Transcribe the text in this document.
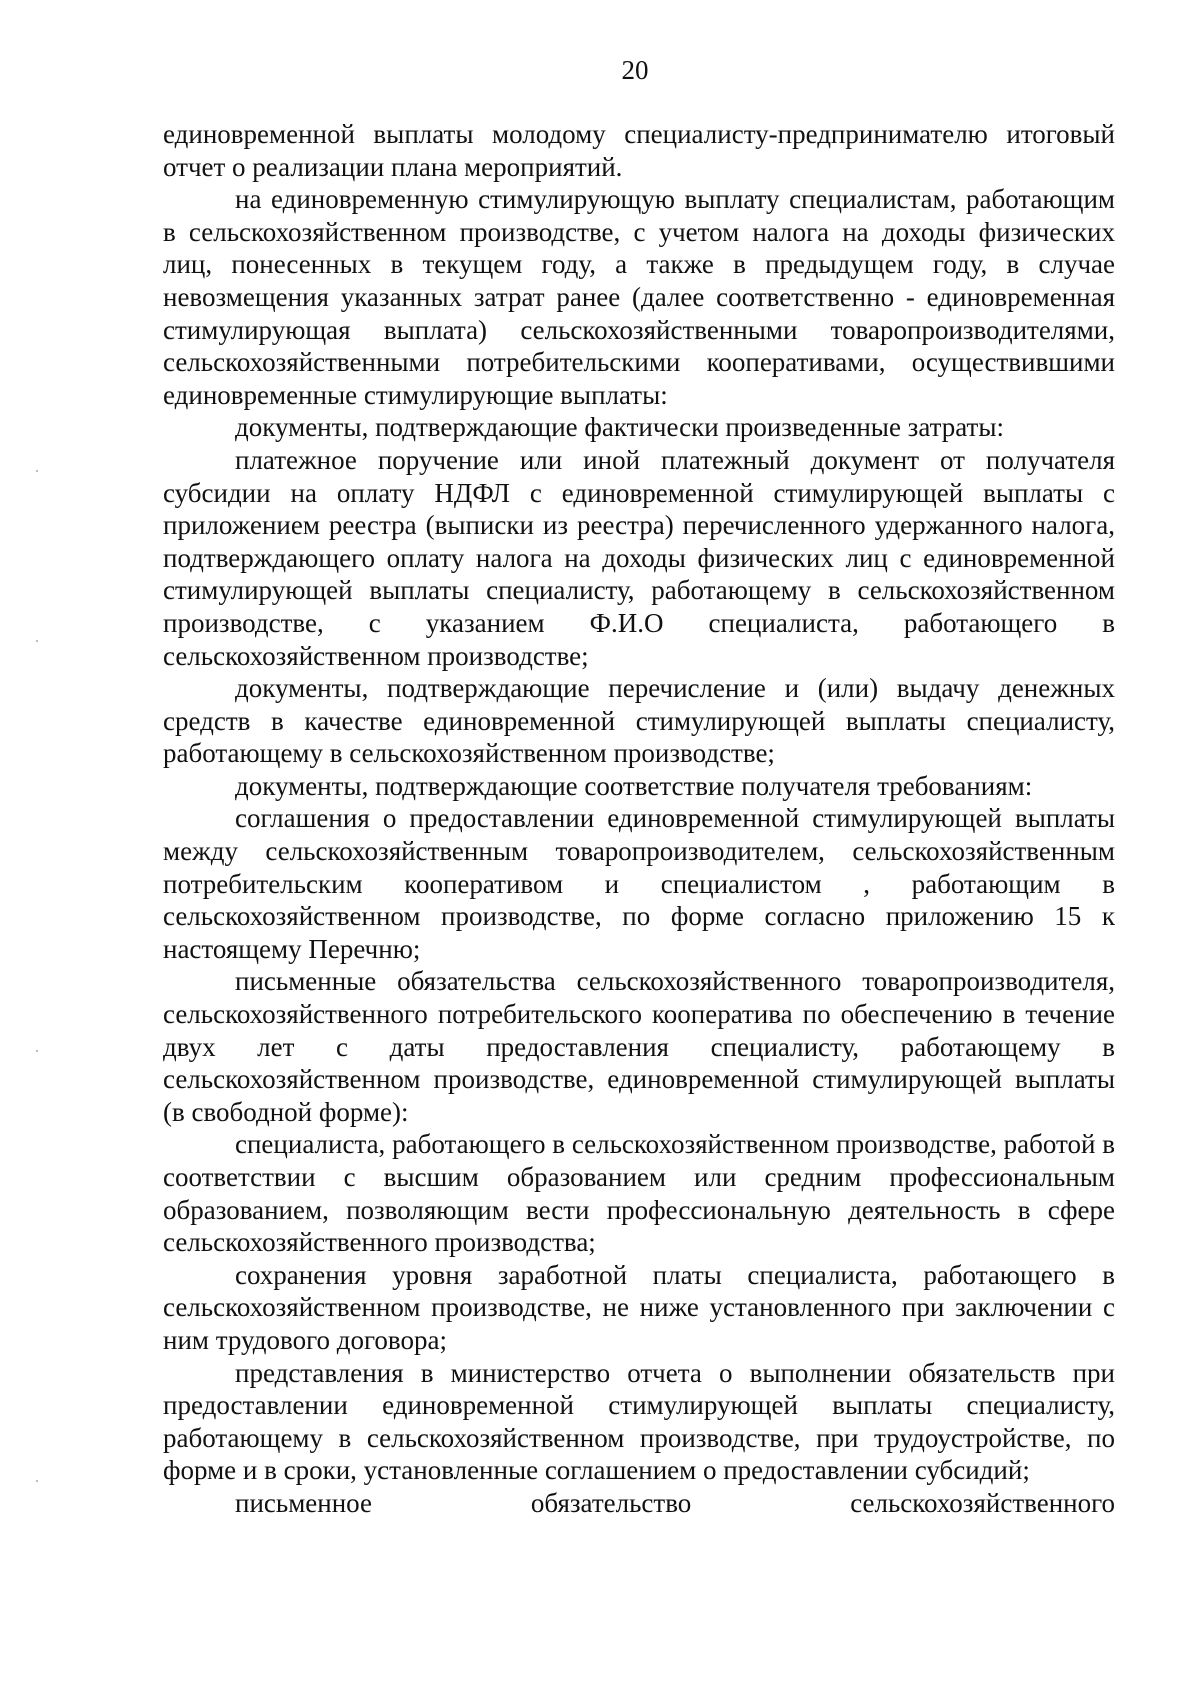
20

единовременной выплаты молодому специалисту-предпринимателю итоговый отчет о реализации плана мероприятий.

на единовременную стимулирующую выплату специалистам, работающим в сельскохозяйственном производстве, с учетом налога на доходы физических лиц, понесенных в текущем году, а также в предыдущем году, в случае невозмещения указанных затрат ранее (далее соответственно - единовременная стимулирующая выплата) сельскохозяйственными товаропроизводителями, сельскохозяйственными потребительскими кооперативами, осуществившими единовременные стимулирующие выплаты:

документы, подтверждающие фактически произведенные затраты:

платежное поручение или иной платежный документ от получателя субсидии на оплату НДФЛ с единовременной стимулирующей выплаты с приложением реестра (выписки из реестра) перечисленного удержанного налога, подтверждающего оплату налога на доходы физических лиц с единовременной стимулирующей выплаты специалисту, работающему в сельскохозяйственном производстве, с указанием Ф.И.О специалиста, работающего в сельскохозяйственном производстве;

документы, подтверждающие перечисление и (или) выдачу денежных средств в качестве единовременной стимулирующей выплаты специалисту, работающему в сельскохозяйственном производстве;

документы, подтверждающие соответствие получателя требованиям:

соглашения о предоставлении единовременной стимулирующей выплаты между сельскохозяйственным товаропроизводителем, сельскохозяйственным потребительским кооперативом и специалистом , работающим в сельскохозяйственном производстве, по форме согласно приложению 15 к настоящему Перечню;

письменные обязательства сельскохозяйственного товаропроизводителя, сельскохозяйственного потребительского кооператива по обеспечению в течение двух лет с даты предоставления специалисту, работающему в сельскохозяйственном производстве, единовременной стимулирующей выплаты (в свободной форме):

специалиста, работающего в сельскохозяйственном производстве, работой в соответствии с высшим образованием или средним профессиональным образованием, позволяющим вести профессиональную деятельность в сфере сельскохозяйственного производства;

сохранения уровня заработной платы специалиста, работающего в сельскохозяйственном производстве, не ниже установленного при заключении с ним трудового договора;

представления в министерство отчета о выполнении обязательств при предоставлении единовременной стимулирующей выплаты специалисту, работающему в сельскохозяйственном производстве, при трудоустройстве, по форме и в сроки, установленные соглашением о предоставлении субсидий;

письменное обязательство сельскохозяйственного
